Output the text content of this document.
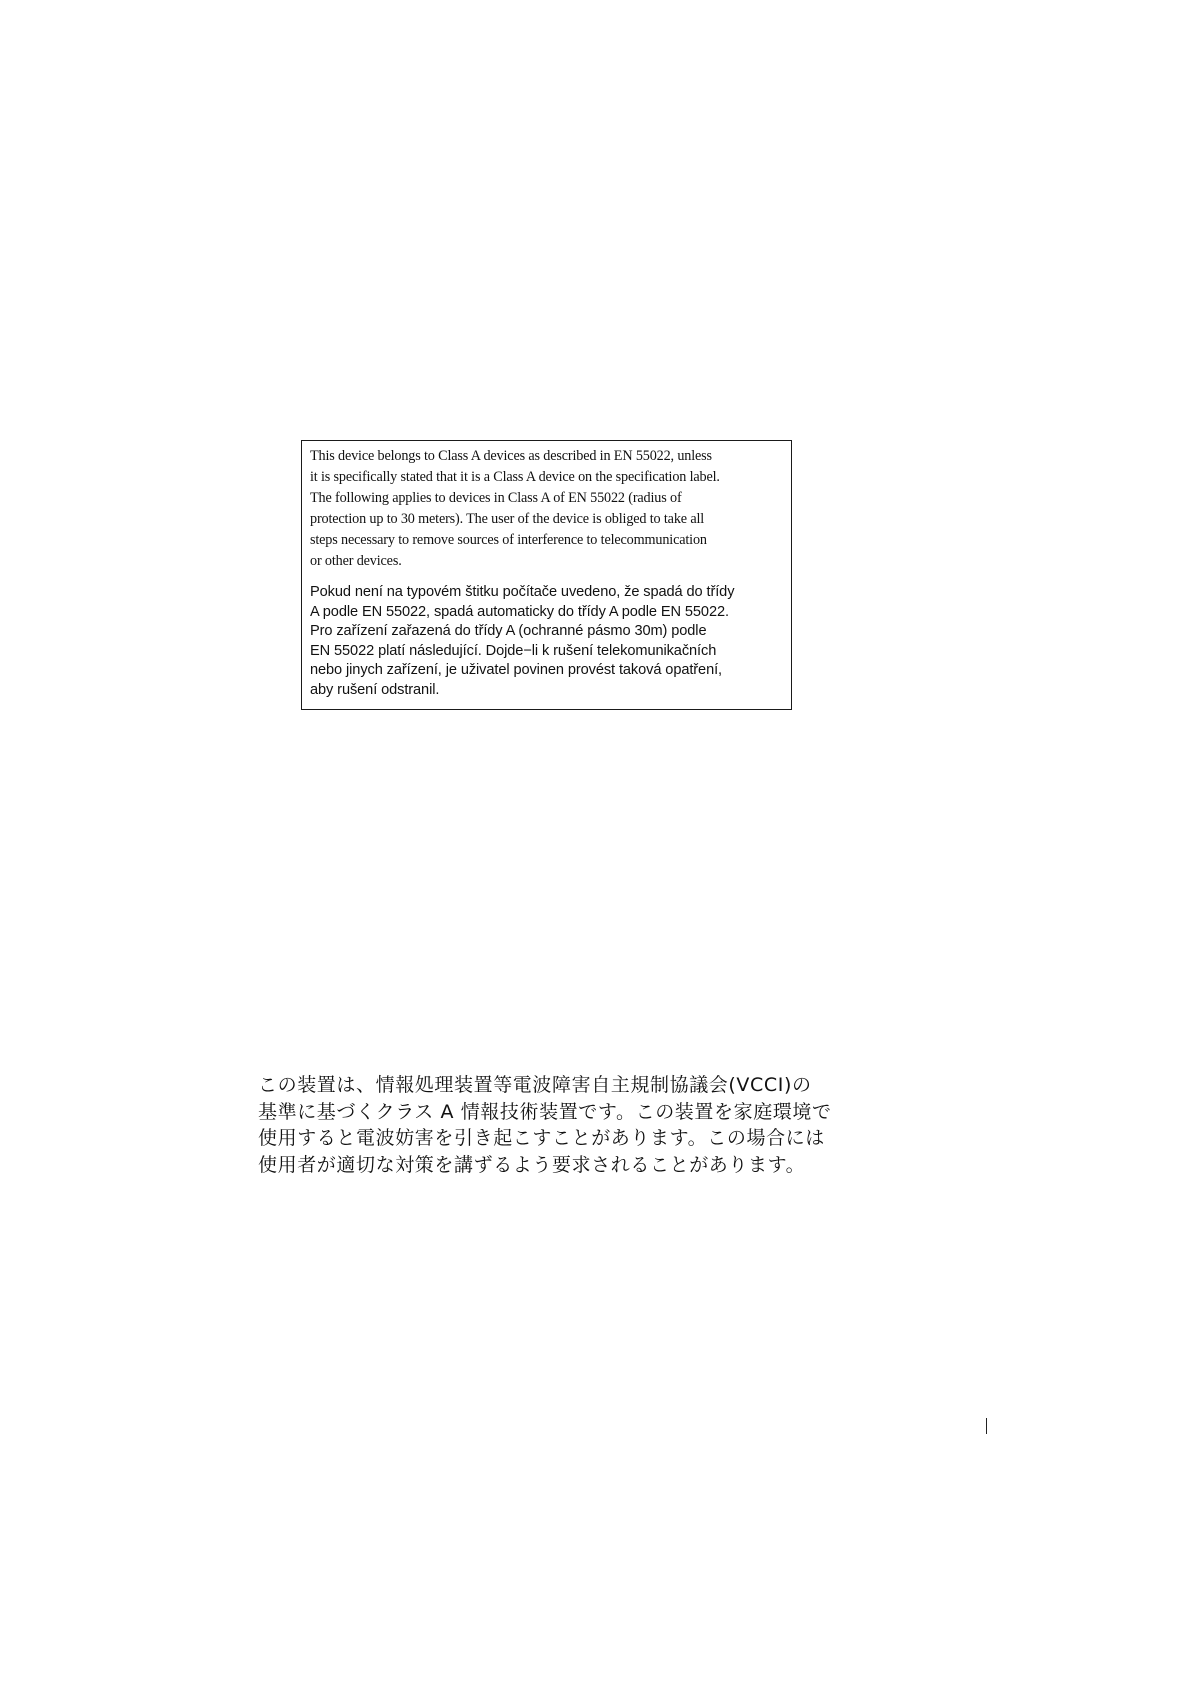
This device belongs to Class A devices as described in EN 55022, unless
it is specifically stated that it is a Class A device on the specification label.
The following applies to devices in Class A of EN 55022 (radius of
protection up to 30 meters). The user of the device is obliged to take all
steps necessary to remove sources of interference to telecommunication
or other devices.

Pokud není na typovém štitku počítače uvedeno, že spadá do třídy
A podle EN 55022, spadá automaticky do třídy A podle EN 55022.
Pro zařízení zařazená do třídy A (ochranné pásmo 30m) podle
EN 55022 platí následující. Dojde−li k rušení telekomunikačních
nebo jinych zařízení, je uživatel povinen provést taková opatření,
aby rušení odstranil.

この装置は、情報処理装置等電波障害自主規制協議会(VCCI)の
基準に基づくクラス A 情報技術装置です。この装置を家庭環境で
使用すると電波妨害を引き起こすことがあります。この場合には
使用者が適切な対策を講ずるよう要求されることがあります。
